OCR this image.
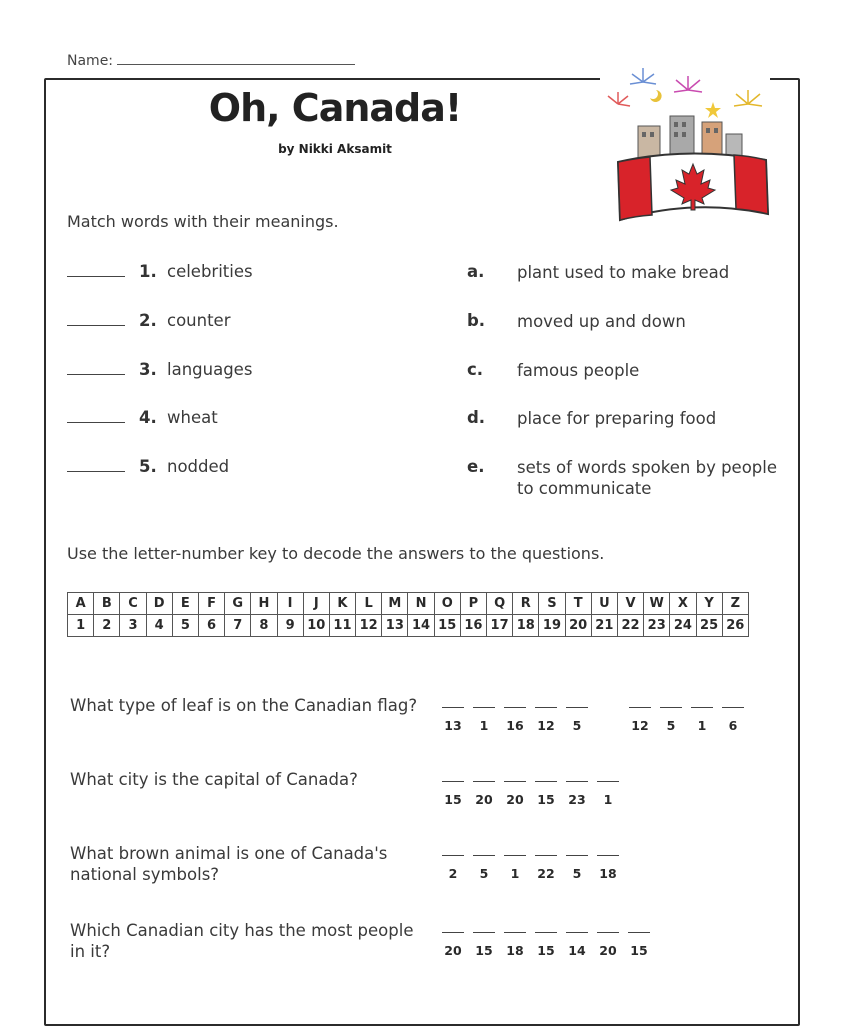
Name:
Oh, Canada!
by Nikki Aksamit
Match words with their meanings.
1. celebrities	a. plant used to make bread
2. counter	b. moved up and down
3. languages	c. famous people
4. wheat	d. place for preparing food
5. nodded	e. sets of words spoken by people to communicate
Use the letter-number key to decode the answers to the questions.
A	B	C	D	E	F	G	H	I	J	K	L	M	N	O	P	Q	R	S	T	U	V	W	X	Y	Z
1	2	3	4	5	6	7	8	9	10	11	12	13	14	15	16	17	18	19	20	21	22	23	24	25	26
What type of leaf is on the Canadian flag?
13	1	16 12	5	12	5	1	6
What city is the capital of Canada?
15 20 20 15 23	1
What brown animal is one of Canada's national symbols?	2	5	1	22	5	18
Which Canadian city has the most people in it?	20 15 18 15 14 20 15
